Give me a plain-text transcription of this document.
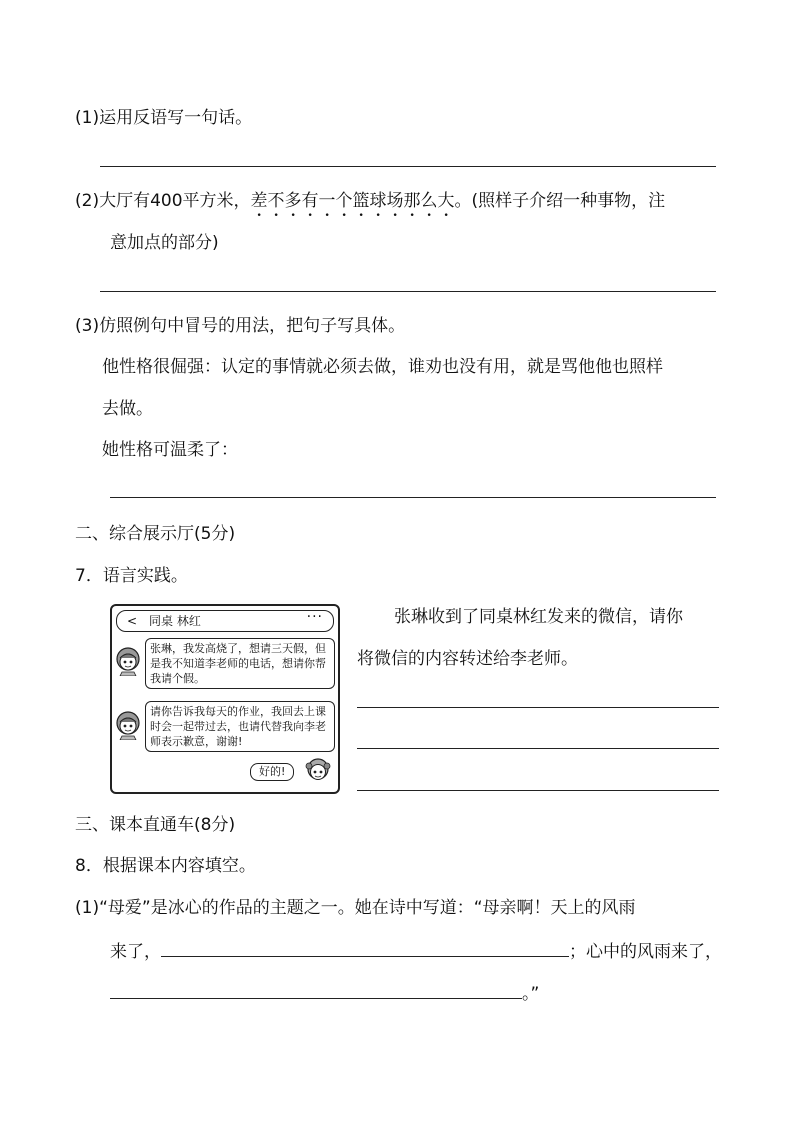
(1)运用反语写一句话。
(2)大厅有400平方米，差不多有一个篮球场那么大。(照样子介绍一种事物，注
意加点的部分)
(3)仿照例句中冒号的用法，把句子写具体。
他性格很倔强：认定的事情就必须去做，谁劝也没有用，就是骂他他也照样
去做。
她性格可温柔了：
二、综合展示厅(5分)
7．语言实践。
< 同桌 林红	···
张琳，我发高烧了，想请三天假，但是我不知道李老师的电话，想请你帮我请个假。
请你告诉我每天的作业，我回去上课时会一起带过去，也请代替我向李老师表示歉意，谢谢!
好的!
张琳收到了同桌林红发来的微信，请你
将微信的内容转述给李老师。
三、课本直通车(8分)
8．根据课本内容填空。
(1)“母爱”是冰心的作品的主题之一。她在诗中写道：“母亲啊！天上的风雨
来了，	；心中的风雨来了，
。”
